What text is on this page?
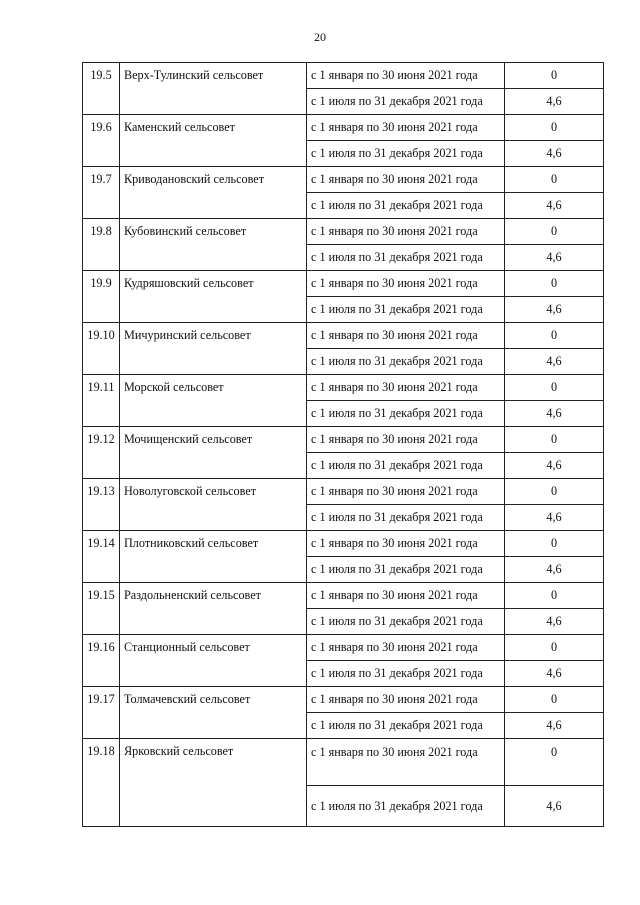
20
19.5	Верх-Тулинский сельсовет	с 1 января по 30 июня 2021 года	0
		с 1 июля по 31 декабря 2021 года	4,6
19.6	Каменский сельсовет	с 1 января по 30 июня 2021 года	0
		с 1 июля по 31 декабря 2021 года	4,6
19.7	Криводановский сельсовет	с 1 января по 30 июня 2021 года	0
		с 1 июля по 31 декабря 2021 года	4,6
19.8	Кубовинский сельсовет	с 1 января по 30 июня 2021 года	0
		с 1 июля по 31 декабря 2021 года	4,6
19.9	Кудряшовский сельсовет	с 1 января по 30 июня 2021 года	0
		с 1 июля по 31 декабря 2021 года	4,6
19.10	Мичуринский сельсовет	с 1 января по 30 июня 2021 года	0
		с 1 июля по 31 декабря 2021 года	4,6
19.11	Морской сельсовет	с 1 января по 30 июня 2021 года	0
		с 1 июля по 31 декабря 2021 года	4,6
19.12	Мочищенский сельсовет	с 1 января по 30 июня 2021 года	0
		с 1 июля по 31 декабря 2021 года	4,6
19.13	Новолуговской сельсовет	с 1 января по 30 июня 2021 года	0
		с 1 июля по 31 декабря 2021 года	4,6
19.14	Плотниковский сельсовет	с 1 января по 30 июня 2021 года	0
		с 1 июля по 31 декабря 2021 года	4,6
19.15	Раздольненский сельсовет	с 1 января по 30 июня 2021 года	0
		с 1 июля по 31 декабря 2021 года	4,6
19.16	Станционный сельсовет	с 1 января по 30 июня 2021 года	0
		с 1 июля по 31 декабря 2021 года	4,6
19.17	Толмачевский сельсовет	с 1 января по 30 июня 2021 года	0
		с 1 июля по 31 декабря 2021 года	4,6
19.18	Ярковский сельсовет	с 1 января по 30 июня 2021 года	0
		с 1 июля по 31 декабря 2021 года	4,6
